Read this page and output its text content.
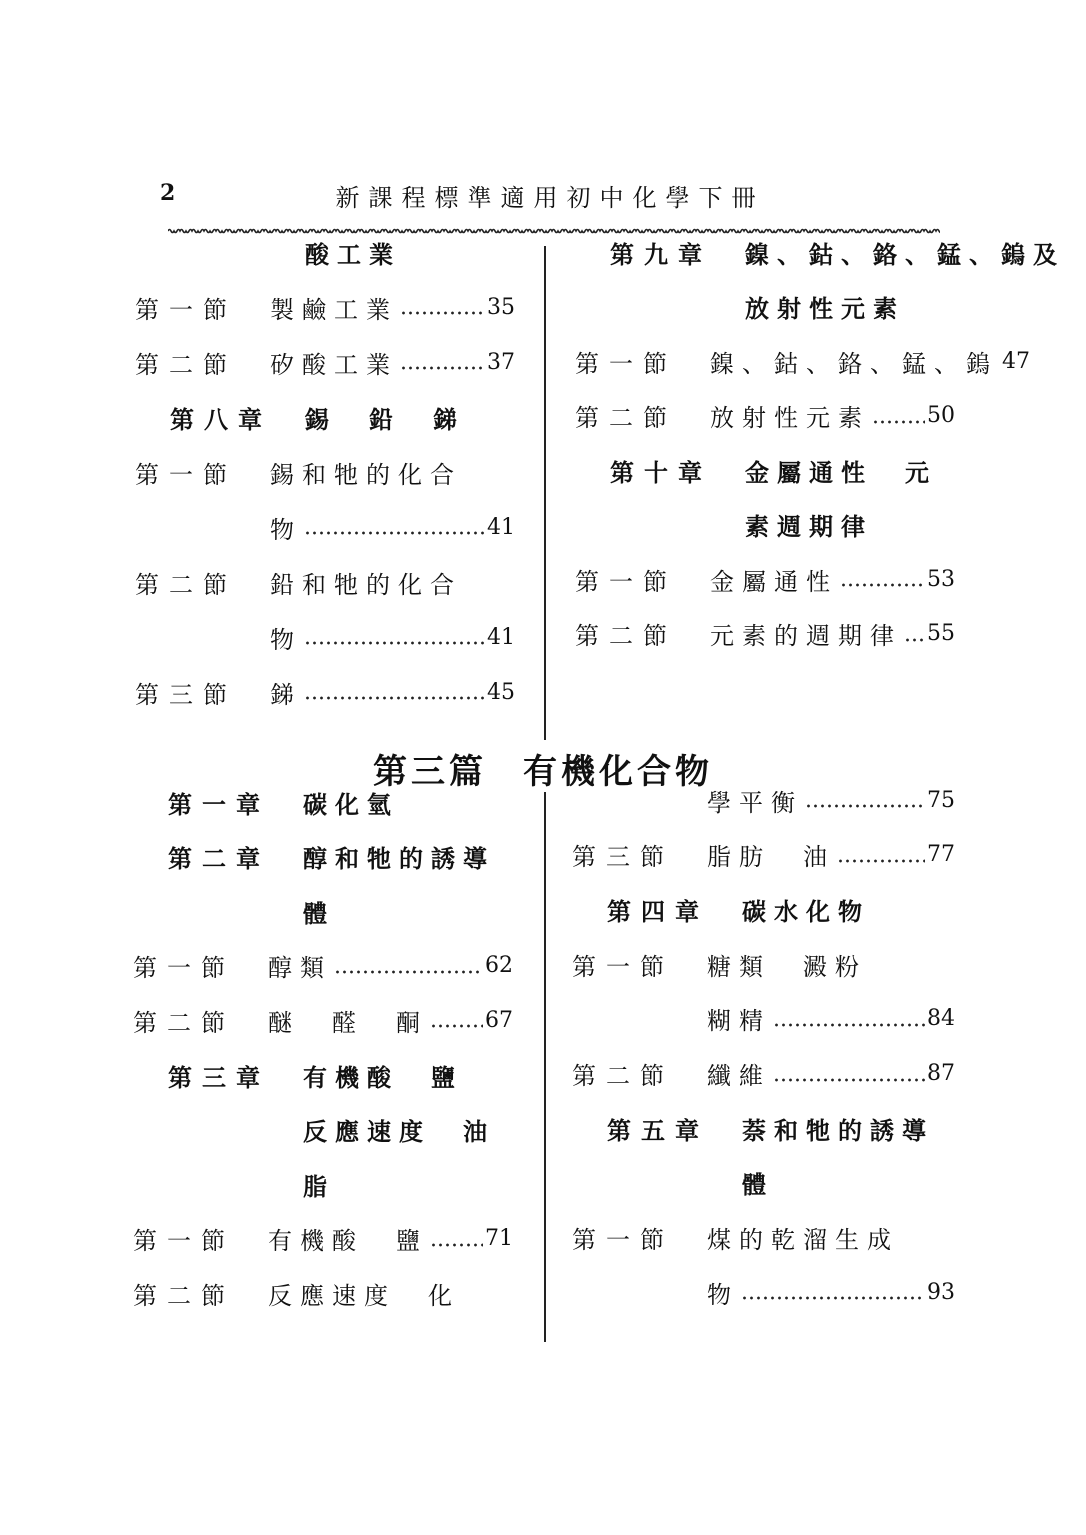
2	新課程標準適用初中化學下冊
第三篇 有機化合物
酸工業
第一節 製鹼工業	35
第二節 矽酸工業	37
第八章 錫　鉛　銻
第一節 錫和牠的化合
物	41
第二節 鉛和牠的化合
物	41
第三節 銻	45
第九章 鎳、鈷、鉻、錳、鎢及
放射性元素
第一節 鎳、鈷、鉻、錳、鎢 47
第二節 放射性元素	50
第十章 金屬通性　元
素週期律
第一節 金屬通性	53
第二節 元素的週期律 55
第一章 碳化氫
第二章 醇和牠的誘導
體
第一節 醇類	62
第二節 醚　醛　酮	67
第三章 有機酸　鹽
反應速度　油
脂
第一節 有機酸　鹽	71
第二節 反應速度　化
學平衡	75
第三節 脂肪　油	77
第四章 碳水化物
第一節 糖類　澱粉
糊精	84
第二節 纖維	87
第五章 萘和牠的誘導
體
第一節 煤的乾溜生成
物	93
